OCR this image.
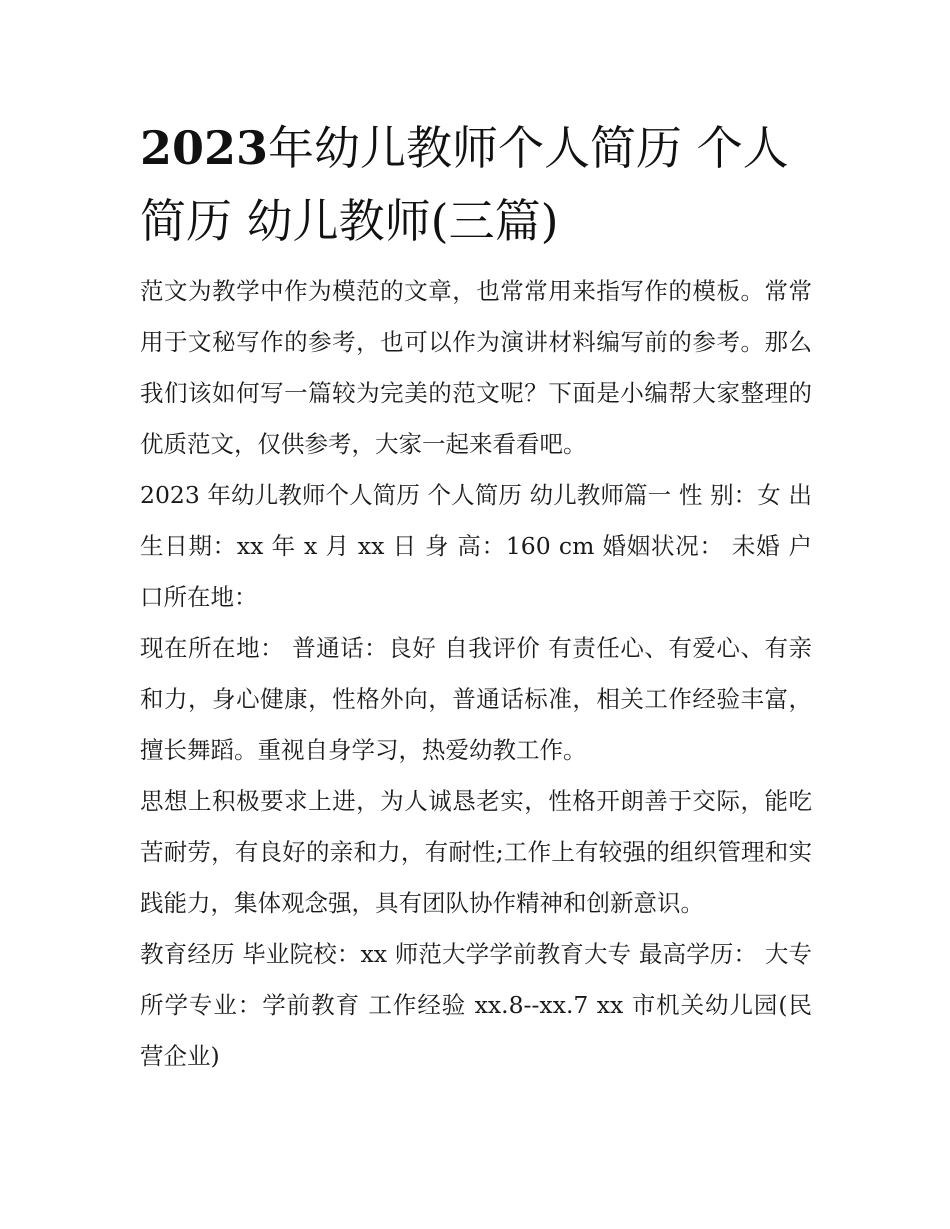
2023年幼儿教师个人简历 个人简历 幼儿教师(三篇)

范文为教学中作为模范的文章，也常常用来指写作的模板。常常用于文秘写作的参考，也可以作为演讲材料编写前的参考。那么我们该如何写一篇较为完美的范文呢？下面是小编帮大家整理的优质范文，仅供参考，大家一起来看看吧。

2023 年幼儿教师个人简历 个人简历 幼儿教师篇一 性 别：女 出生日期：xx 年 x 月 xx 日 身 高：160 cm 婚姻状况： 未婚 户口所在地：

现在所在地： 普通话：良好 自我评价 有责任心、有爱心、有亲和力，身心健康，性格外向，普通话标准，相关工作经验丰富，擅长舞蹈。重视自身学习，热爱幼教工作。

思想上积极要求上进，为人诚恳老实，性格开朗善于交际，能吃苦耐劳，有良好的亲和力，有耐性;工作上有较强的组织管理和实践能力，集体观念强，具有团队协作精神和创新意识。

教育经历 毕业院校：xx 师范大学学前教育大专 最高学历： 大专 所学专业：学前教育 工作经验 xx.8--xx.7 xx 市机关幼儿园(民营企业)
